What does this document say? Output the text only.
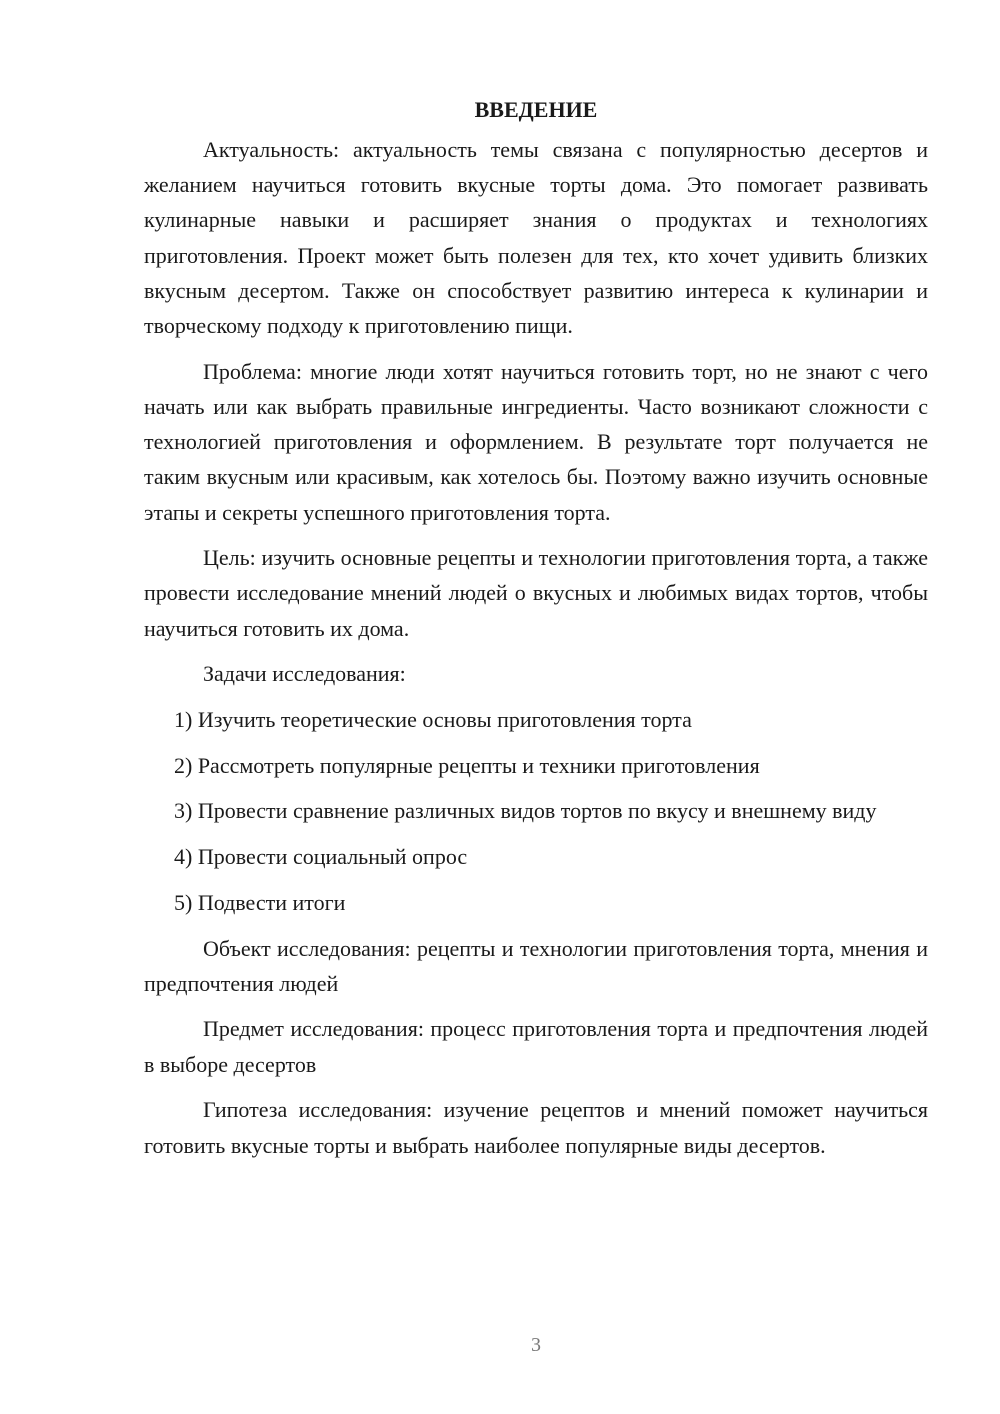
ВВЕДЕНИЕ

Актуальность: актуальность темы связана с популярностью десертов и желанием научиться готовить вкусные торты дома. Это помогает развивать кулинарные навыки и расширяет знания о продуктах и технологиях приготовления. Проект может быть полезен для тех, кто хочет удивить близких вкусным десертом. Также он способствует развитию интереса к кулинарии и творческому подходу к приготовлению пищи.

Проблема: многие люди хотят научиться готовить торт, но не знают с чего начать или как выбрать правильные ингредиенты. Часто возникают сложности с технологией приготовления и оформлением. В результате торт получается не таким вкусным или красивым, как хотелось бы. Поэтому важно изучить основные этапы и секреты успешного приготовления торта.

Цель: изучить основные рецепты и технологии приготовления торта, а также провести исследование мнений людей о вкусных и любимых видах тортов, чтобы научиться готовить их дома.

Задачи исследования:

1) Изучить теоретические основы приготовления торта

2) Рассмотреть популярные рецепты и техники приготовления

3) Провести сравнение различных видов тортов по вкусу и внешнему виду

4) Провести социальный опрос

5) Подвести итоги

Объект исследования: рецепты и технологии приготовления торта, мнения и предпочтения людей

Предмет исследования: процесс приготовления торта и предпочтения людей в выборе десертов

Гипотеза исследования: изучение рецептов и мнений поможет научиться готовить вкусные торты и выбрать наиболее популярные виды десертов.

3
